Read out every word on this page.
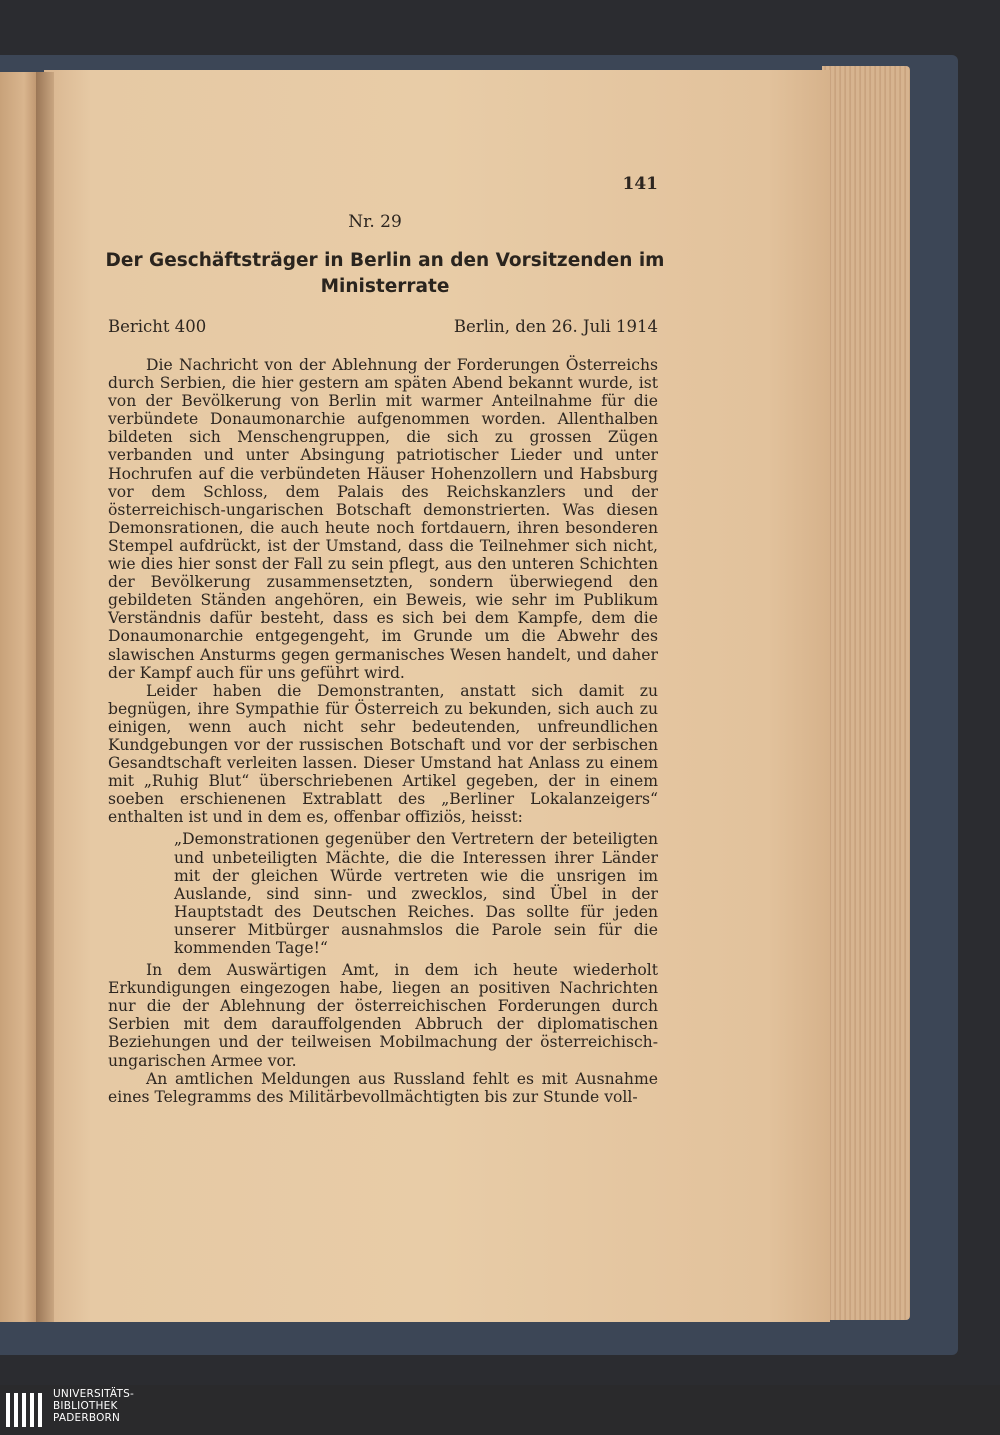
141
Nr. 29
Der Geschäftsträger in Berlin an den Vorsitzenden im
Ministerrate
Bericht 400	Berlin, den 26. Juli 1914

Die Nachricht von der Ablehnung der Forderungen Österreichs durch Serbien, die hier gestern am späten Abend bekannt wurde, ist von der Bevölkerung von Berlin mit warmer Anteilnahme für die verbündete Donaumonarchie aufgenommen worden. Allenthalben bildeten sich Menschengruppen, die sich zu grossen Zügen verbanden und unter Absingung patriotischer Lieder und unter Hochrufen auf die verbündeten Häuser Hohenzollern und Habsburg vor dem Schloss, dem Palais des Reichskanzlers und der österreichisch-ungarischen Botschaft demonstrierten. Was diesen Demonsrationen, die auch heute noch fortdauern, ihren besonderen Stempel aufdrückt, ist der Umstand, dass die Teilnehmer sich nicht, wie dies hier sonst der Fall zu sein pflegt, aus den unteren Schichten der Bevölkerung zusammensetzten, sondern überwiegend den gebildeten Ständen angehören, ein Beweis, wie sehr im Publikum Verständnis dafür besteht, dass es sich bei dem Kampfe, dem die Donaumonarchie entgegengeht, im Grunde um die Abwehr des slawischen Ansturms gegen germanisches Wesen handelt, und daher der Kampf auch für uns geführt wird.

Leider haben die Demonstranten, anstatt sich damit zu begnügen, ihre Sympathie für Österreich zu bekunden, sich auch zu einigen, wenn auch nicht sehr bedeutenden, unfreundlichen Kundgebungen vor der russischen Botschaft und vor der serbischen Gesandtschaft verleiten lassen. Dieser Umstand hat Anlass zu einem mit „Ruhig Blut“ überschriebenen Artikel gegeben, der in einem soeben erschienenen Extrablatt des „Berliner Lokalanzeigers“ enthalten ist und in dem es, offenbar offiziös, heisst:

„Demonstrationen gegenüber den Vertretern der beteiligten und unbeteiligten Mächte, die die Interessen ihrer Länder mit der gleichen Würde vertreten wie die unsrigen im Auslande, sind sinn- und zwecklos, sind Übel in der Hauptstadt des Deutschen Reiches. Das sollte für jeden unserer Mitbürger ausnahmslos die Parole sein für die kommenden Tage!“

In dem Auswärtigen Amt, in dem ich heute wiederholt Erkundigungen eingezogen habe, liegen an positiven Nachrichten nur die der Ablehnung der österreichischen Forderungen durch Serbien mit dem darauffolgenden Abbruch der diplomatischen Beziehungen und der teilweisen Mobilmachung der österreichisch-ungarischen Armee vor.

An amtlichen Meldungen aus Russland fehlt es mit Ausnahme eines Telegramms des Militärbevollmächtigten bis zur Stunde voll-

UNIVERSITÄTS-
BIBLIOTHEK
PADERBORN
